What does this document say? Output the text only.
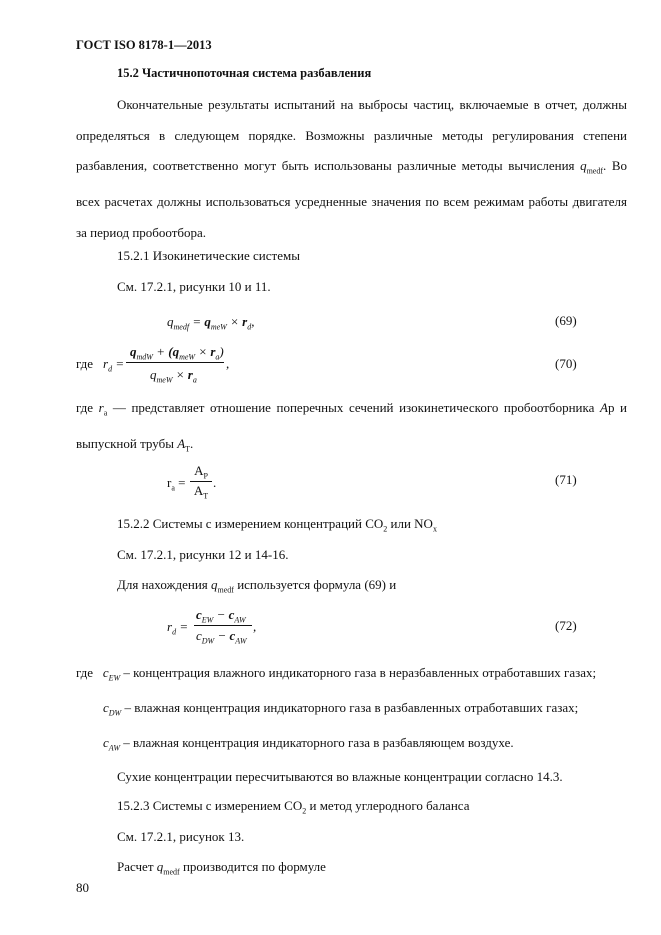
ГОСТ ISO 8178-1—2013
15.2 Частичнопоточная система разбавления
Окончательные результаты испытаний на выбросы частиц, включаемые в отчет, должны определяться в следующем порядке. Возможны различные методы регулирования степени разбавления, соответственно могут быть использованы различные методы вычисления $q_{medf}$. Во всех расчетах должны использоваться усредненные значения по всем режимам работы двигателя за период пробоотбора.
15.2.1 Изокинетические системы
См. 17.2.1, рисунки 10 и 11.
$q_{medf} = q_{meW} \times r_d$,	(69)
где $r_d$ =
$q_{mdW} + (q_{meW} \times r_a)$
$q_{meW} \times r_a$
,	(70)
где $r_a$ — представляет отношение поперечных сечений изокинетического пробоотборника Ap и выпускной трубы $A_T$.
$r_a$ =
$A_P$
$A_T$
.	(71)
15.2.2 Системы с измерением концентраций $CO_2$ или $NO_x$
См. 17.2.1, рисунки 12 и 14-16.
Для нахождения $q_{medf}$ используется формула (69) и
$r_d$ =
$c_{EW} - c_{AW}$
$c_{DW} - c_{AW}$
,	(72)
где $c_{EW}$ – концентрация влажного индикаторного газа в неразбавленных отработавших газах;
$c_{DW}$ – влажная концентрация индикаторного газа в разбавленных отработавших газах;
$c_{AW}$ – влажная концентрация индикаторного газа в разбавляющем воздухе.
Сухие концентрации пересчитываются во влажные концентрации согласно 14.3.
15.2.3 Системы с измерением $CO_2$ и метод углеродного баланса
См. 17.2.1, рисунок 13.
Расчет $q_{medf}$ производится по формуле
80
